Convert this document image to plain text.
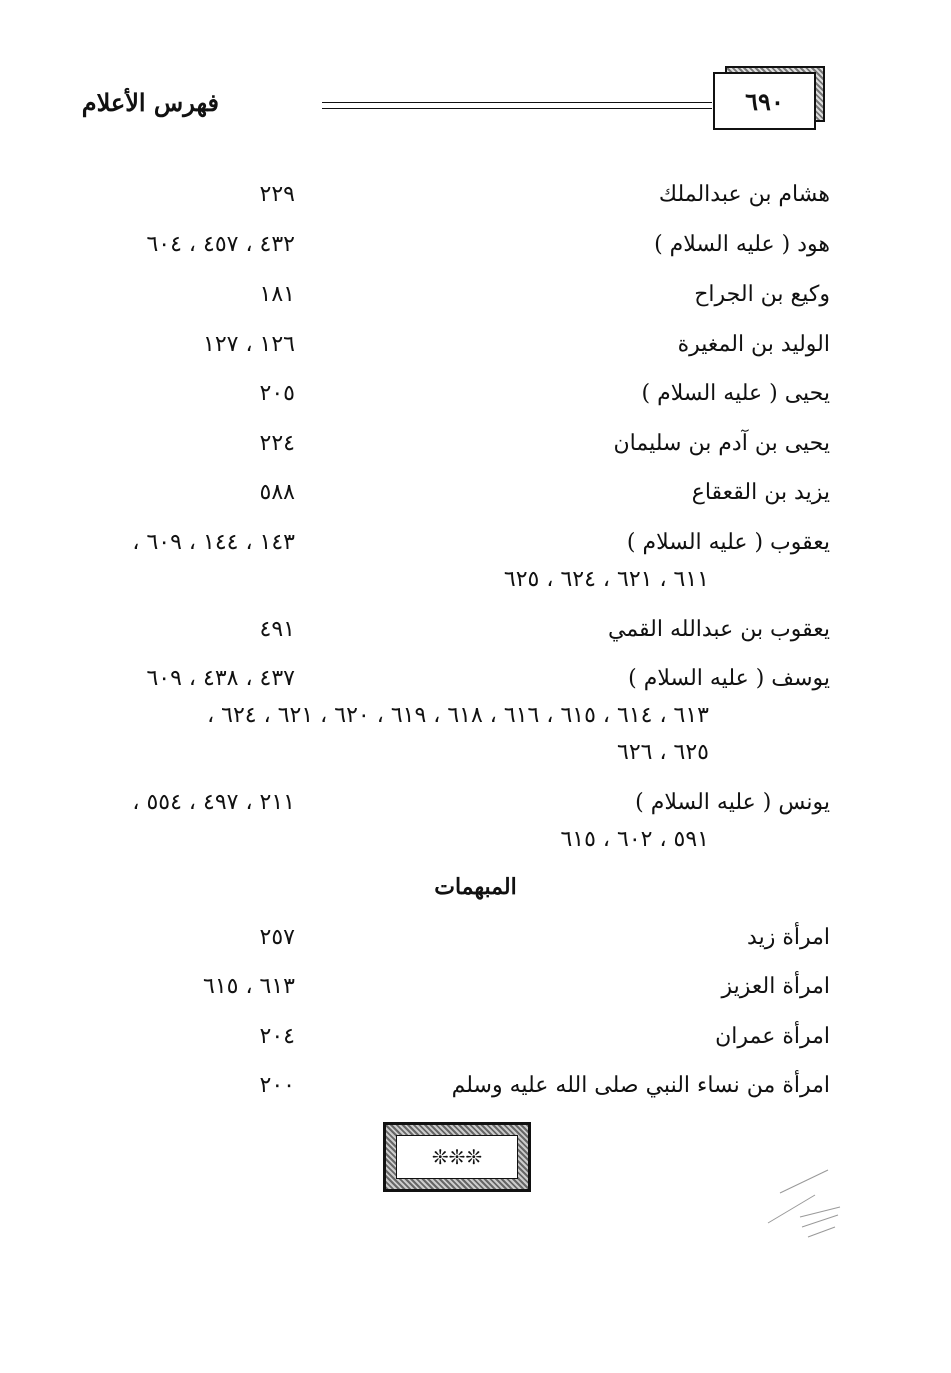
٦٩٠
فهرس الأعلام
هشام بن عبدالملك
٢٢٩
هود ( عليه السلام )
٤٣٢ ، ٤٥٧ ، ٦٠٤
وكيع بن الجراح
١٨١
الوليد بن المغيرة
١٢٦ ، ١٢٧
يحيى ( عليه السلام )
٢٠٥
يحيى بن آدم بن سليمان
٢٢٤
يزيد بن القعقاع
٥٨٨
يعقوب ( عليه السلام )
١٤٣ ، ١٤٤ ، ٦٠٩ ،
٦١١ ، ٦٢١ ، ٦٢٤ ، ٦٢٥
يعقوب بن عبدالله القمي
٤٩١
يوسف ( عليه السلام )
٤٣٧ ، ٤٣٨ ، ٦٠٩
٦١٣ ، ٦١٤ ، ٦١٥ ، ٦١٦ ، ٦١٨ ، ٦١٩ ، ٦٢٠ ، ٦٢١ ، ٦٢٤ ،
٦٢٥ ، ٦٢٦
يونس ( عليه السلام )
٢١١ ، ٤٩٧ ، ٥٥٤ ،
٥٩١ ، ٦٠٢ ، ٦١٥
المبهمات
امرأة زيد
٢٥٧
امرأة العزيز
٦١٣ ، ٦١٥
امرأة عمران
٢٠٤
امرأة من نساء النبي صلى الله عليه وسلم
٢٠٠
❊❊❊
